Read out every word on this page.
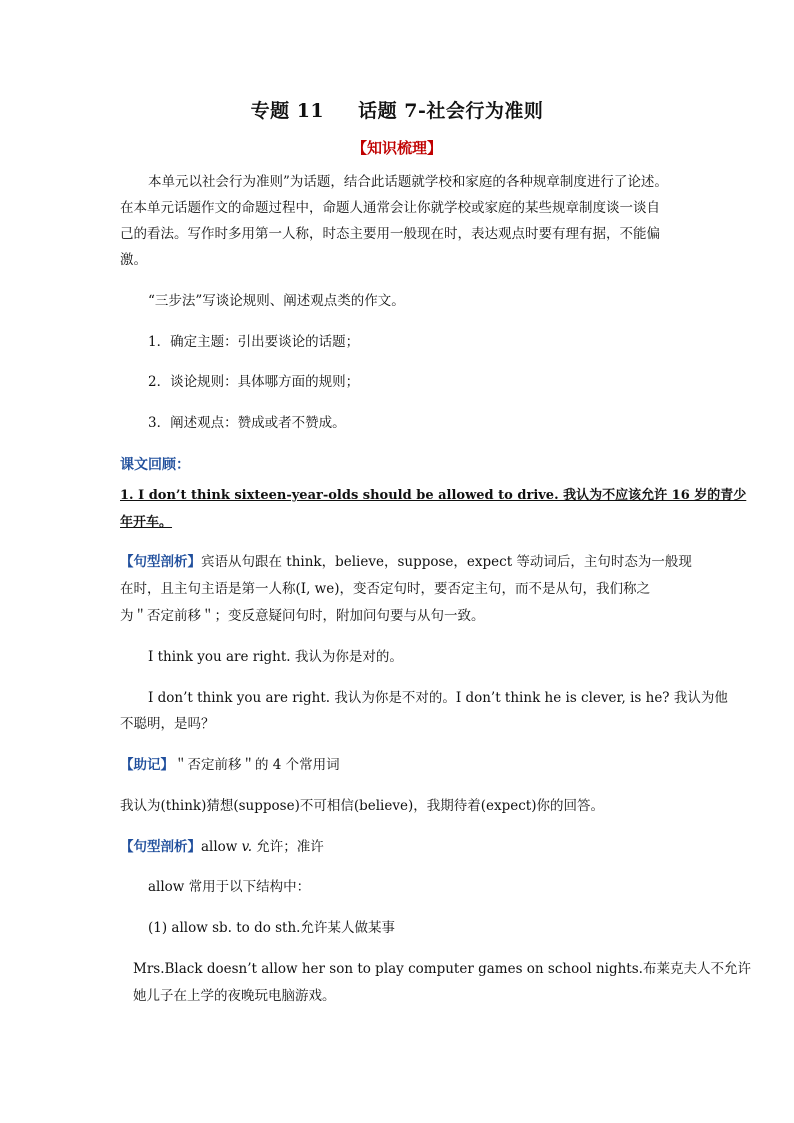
专题 11 话题 7-社会行为准则
【知识梳理】
本单元以社会行为准则”为话题，结合此话题就学校和家庭的各种规章制度进行了论述。
在本单元话题作文的命题过程中，命题人通常会让你就学校或家庭的某些规章制度谈一谈自
己的看法。写作时多用第一人称，时态主要用一般现在时，表达观点时要有理有据，不能偏
激。
“三步法”写谈论规则、阐述观点类的作文。
1．确定主题：引出要谈论的话题；
2．谈论规则：具体哪方面的规则；
3．阐述观点：赞成或者不赞成。
课文回顾：
1. I don’t think sixteen-year-olds should be allowed to drive. 我认为不应该允许 16 岁的青少
年开车。
【句型剖析】宾语从句跟在 think，believe，suppose，expect 等动词后，主句时态为一般现
在时，且主句主语是第一人称(I, we)，变否定句时，要否定主句，而不是从句，我们称之
为＂否定前移＂；变反意疑问句时，附加问句要与从句一致。
I think you are right. 我认为你是对的。
I don’t think you are right. 我认为你是不对的。I don’t think he is clever, is he? 我认为他
不聪明，是吗？
【助记】＂否定前移＂的 4 个常用词
我认为(think)猜想(suppose)不可相信(believe)，我期待着(expect)你的回答。
【句型剖析】allow v. 允许；准许
allow 常用于以下结构中：
(1) allow sb. to do sth.允许某人做某事
Mrs.Black doesn’t allow her son to play computer games on school nights.布莱克夫人不允许
她儿子在上学的夜晚玩电脑游戏。
